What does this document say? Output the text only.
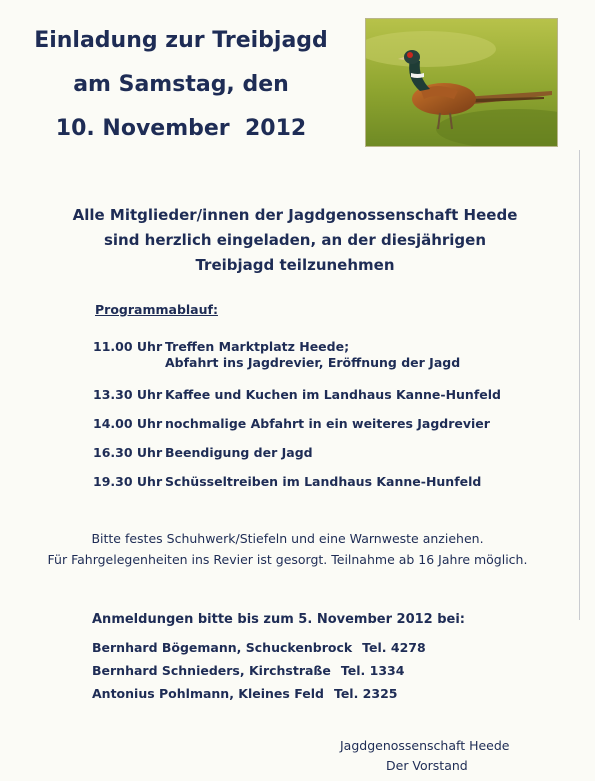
Einladung zur Treibjagd
am Samstag, den
10. November  2012
Alle Mitglieder/innen der Jagdgenossenschaft Heede
sind herzlich eingeladen, an der diesjährigen
Treibjagd teilzunehmen
Programmablauf:
11.00 Uhr Treffen Marktplatz Heede;
Abfahrt ins Jagdrevier, Eröffnung der Jagd
13.30 Uhr Kaffee und Kuchen im Landhaus Kanne-Hunfeld
14.00 Uhr nochmalige Abfahrt in ein weiteres Jagdrevier
16.30 Uhr Beendigung der Jagd
19.30 Uhr Schüsseltreiben im Landhaus Kanne-Hunfeld
Bitte festes Schuhwerk/Stiefeln und eine Warnweste anziehen.
Für Fahrgelegenheiten ins Revier ist gesorgt. Teilnahme ab 16 Jahre möglich.
Anmeldungen bitte bis zum 5. November 2012 bei:
Bernhard Bögemann, Schuckenbrock Tel. 4278
Bernhard Schnieders, Kirchstraße Tel. 1334
Antonius Pohlmann, Kleines Feld Tel. 2325
Jagdgenossenschaft Heede
Der Vorstand
